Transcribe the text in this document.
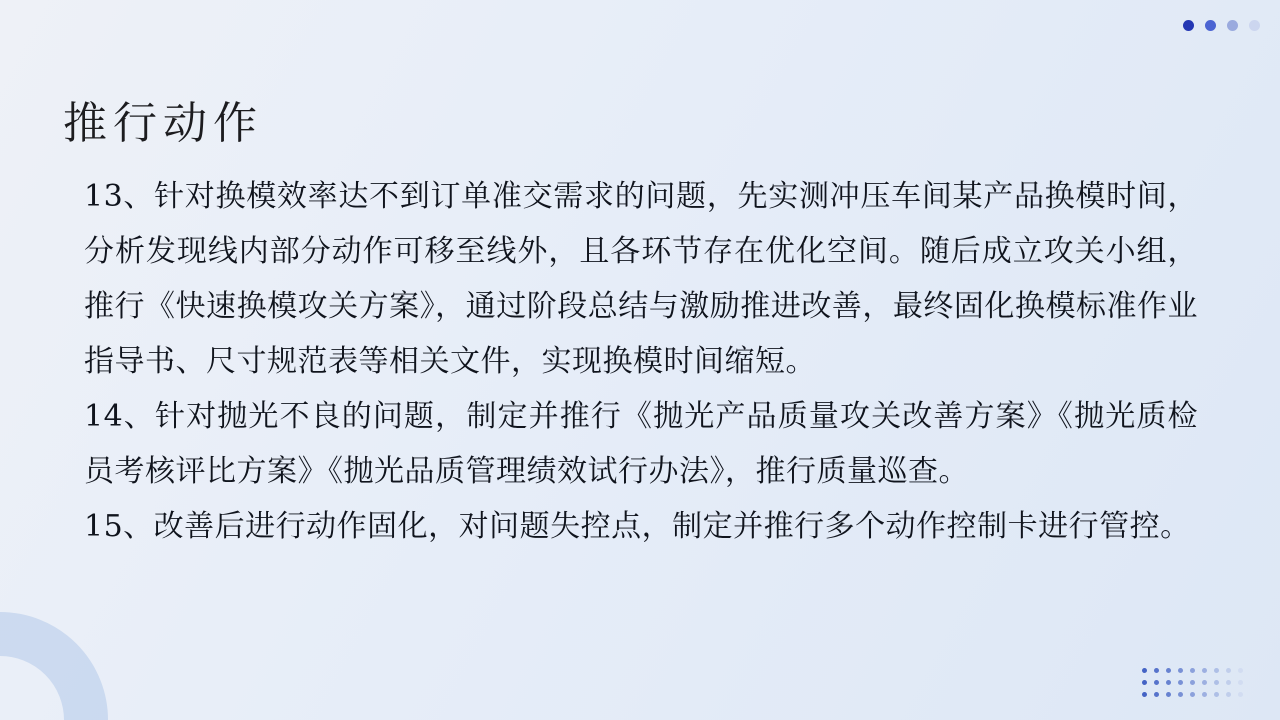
推行动作

13、针对换模效率达不到订单准交需求的问题，先实测冲压车间某产品换模时间，分析发现线内部分动作可移至线外，且各环节存在优化空间。随后成立攻关小组，推行《快速换模攻关方案》，通过阶段总结与激励推进改善，最终固化换模标准作业指导书、尺寸规范表等相关文件，实现换模时间缩短。

14、针对抛光不良的问题，制定并推行《抛光产品质量攻关改善方案》《抛光质检员考核评比方案》《抛光品质管理绩效试行办法》，推行质量巡查。

15、改善后进行动作固化，对问题失控点，制定并推行多个动作控制卡进行管控。
